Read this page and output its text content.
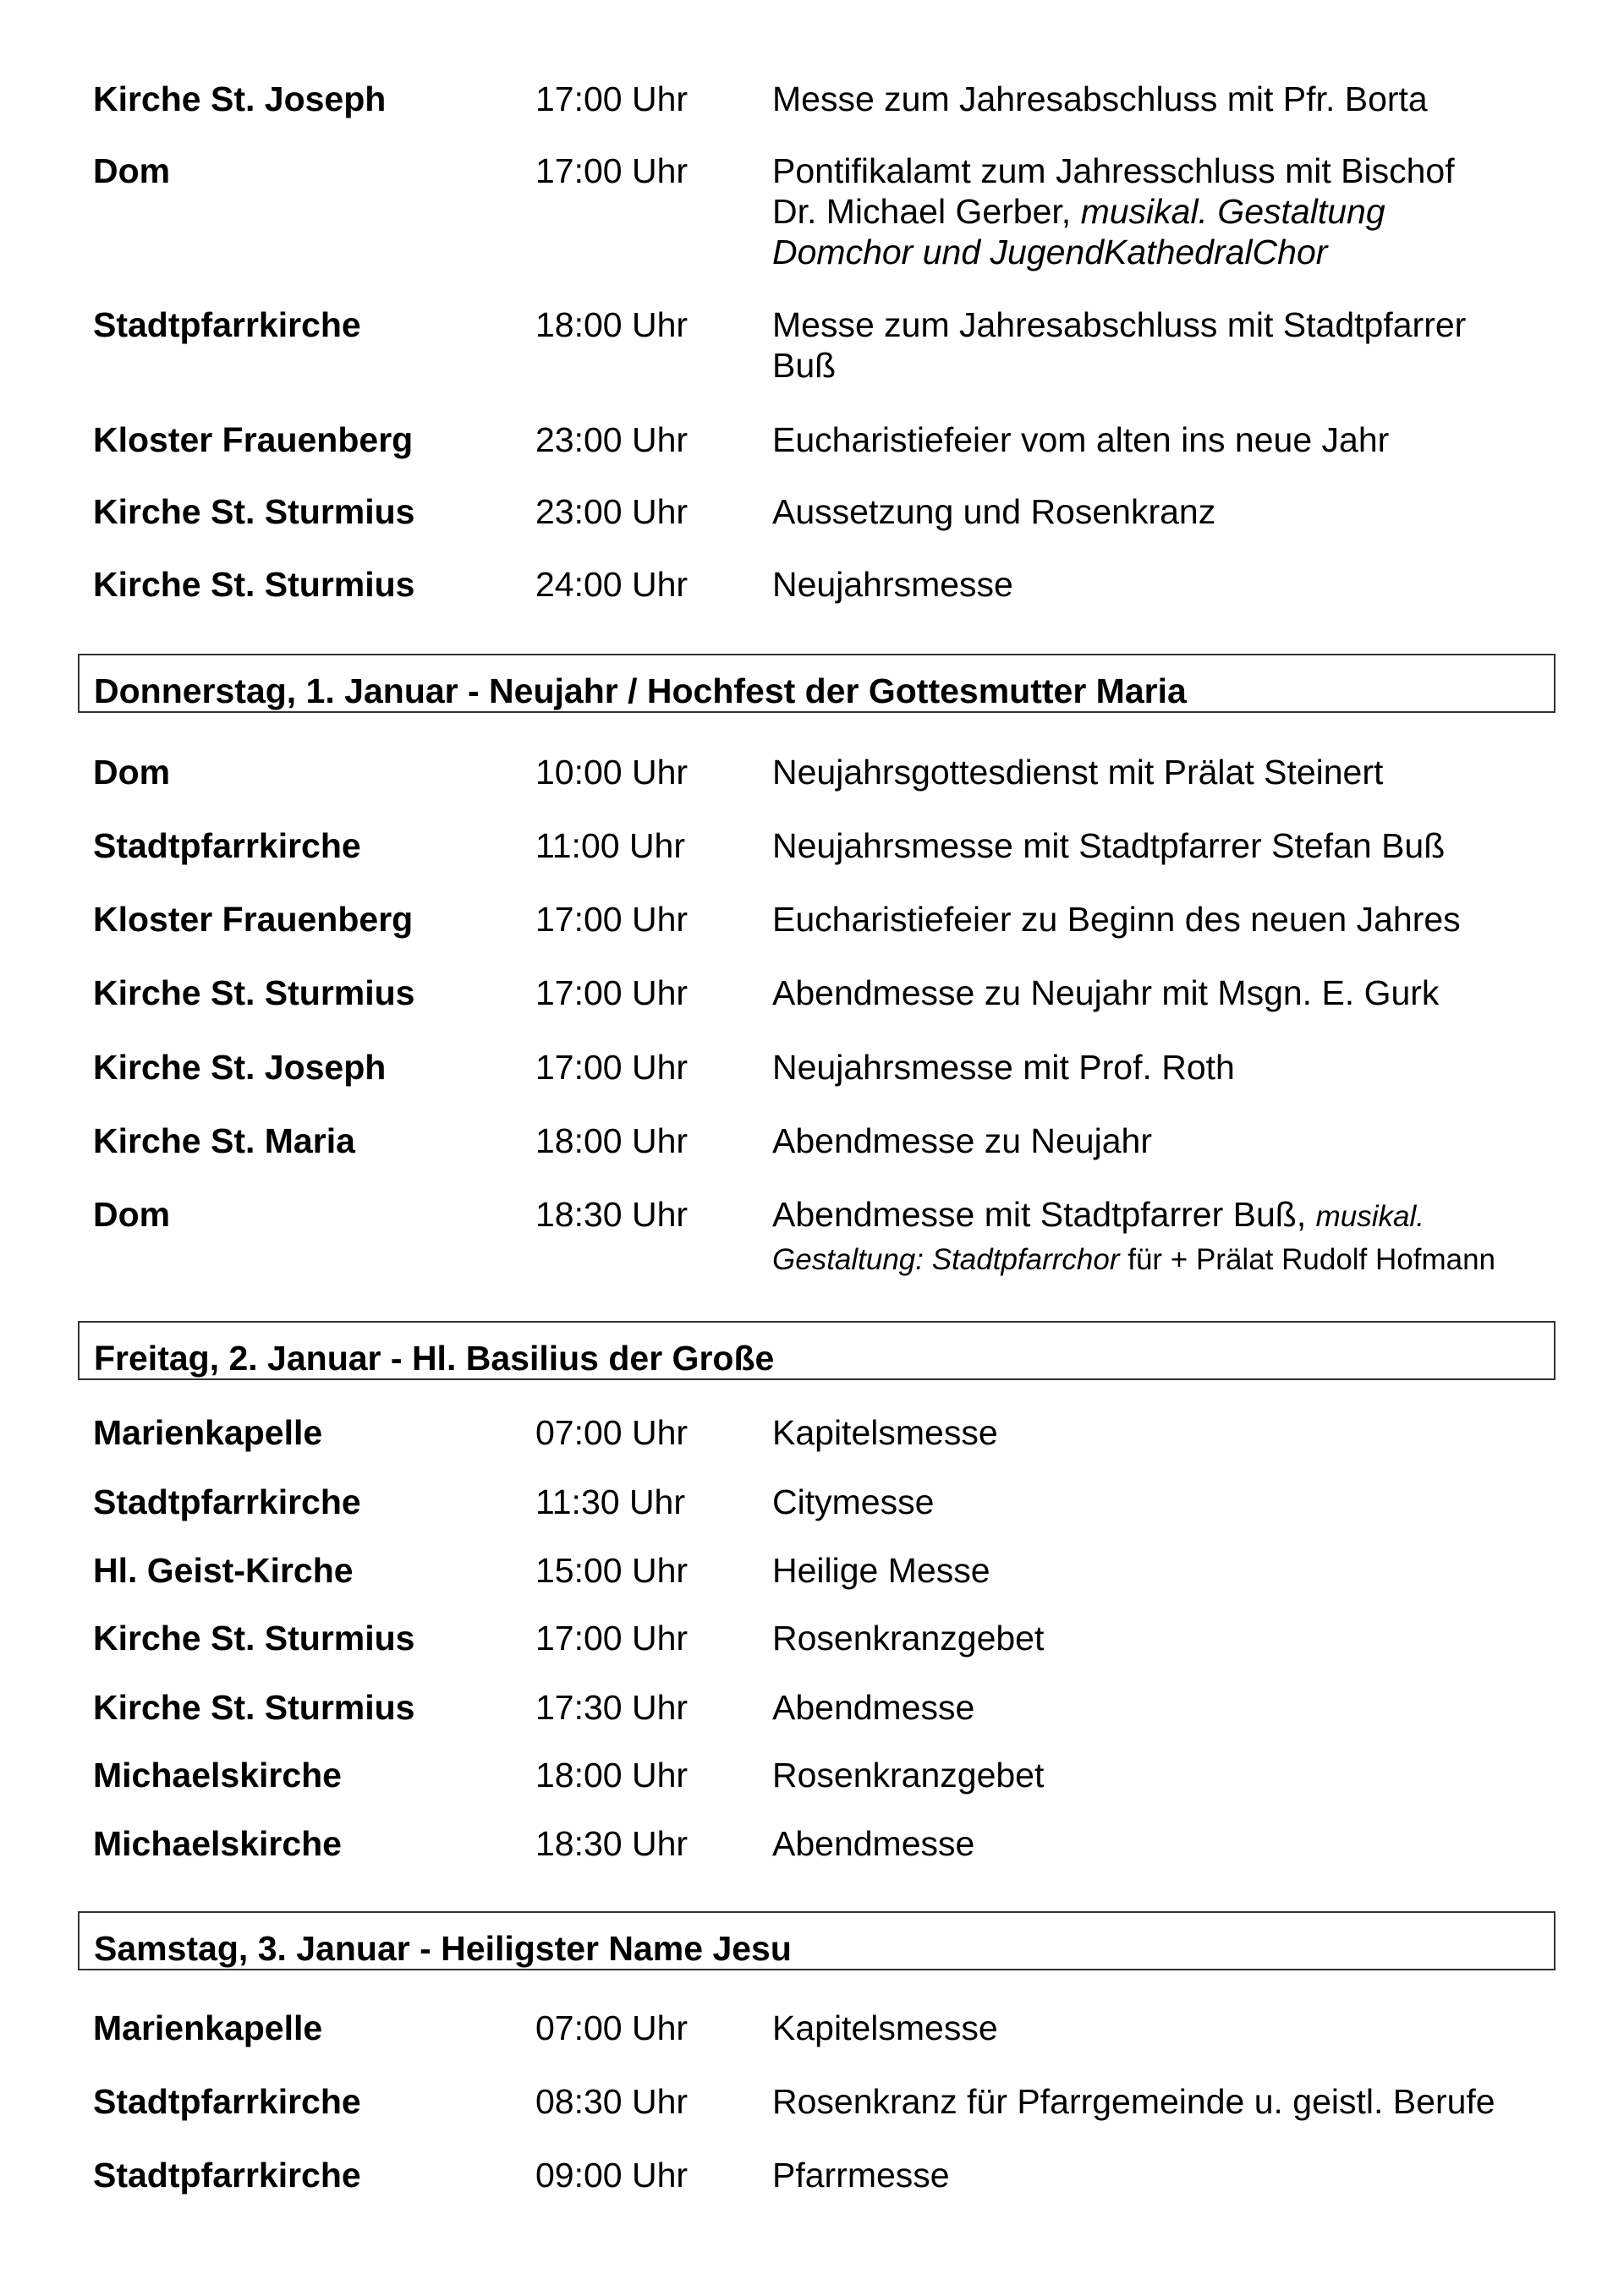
Kirche St. Joseph	17:00 Uhr Messe zum Jahresabschluss mit Pfr. Borta
Dom	17:00 Uhr Pontifikalamt zum Jahresschluss mit Bischof
Dr. Michael Gerber, musikal. Gestaltung
Domchor und JugendKathedralChor
Stadtpfarrkirche	18:00 Uhr Messe zum Jahresabschluss mit Stadtpfarrer
Buß
Kloster Frauenberg	23:00 Uhr Eucharistiefeier vom alten ins neue Jahr
Kirche St. Sturmius	23:00 Uhr Aussetzung und Rosenkranz
Kirche St. Sturmius	24:00 Uhr Neujahrsmesse
Donnerstag, 1. Januar - Neujahr / Hochfest der Gottesmutter Maria
Dom	10:00 Uhr Neujahrsgottesdienst mit Prälat Steinert
Stadtpfarrkirche	11:00 Uhr	Neujahrsmesse mit Stadtpfarrer Stefan Buß
Kloster Frauenberg	17:00 Uhr Eucharistiefeier zu Beginn des neuen Jahres
Kirche St. Sturmius	17:00 Uhr Abendmesse zu Neujahr mit Msgn. E. Gurk
Kirche St. Joseph	17:00 Uhr Neujahrsmesse mit Prof. Roth
Kirche St. Maria	18:00 Uhr Abendmesse zu Neujahr
Dom	18:30 Uhr Abendmesse mit Stadtpfarrer Buß, musikal.
Gestaltung: Stadtpfarrchor für + Prälat Rudolf Hofmann
Freitag, 2. Januar - Hl. Basilius der Große
Marienkapelle	07:00 Uhr Kapitelsmesse
Stadtpfarrkirche	11:30 Uhr	Citymesse
Hl. Geist-Kirche	15:00 Uhr Heilige Messe
Kirche St. Sturmius	17:00 Uhr Rosenkranzgebet
Kirche St. Sturmius	17:30 Uhr Abendmesse
Michaelskirche	18:00 Uhr Rosenkranzgebet
Michaelskirche	18:30 Uhr Abendmesse
Samstag, 3. Januar - Heiligster Name Jesu
Marienkapelle	07:00 Uhr Kapitelsmesse
Stadtpfarrkirche	08:30 Uhr Rosenkranz für Pfarrgemeinde u. geistl. Berufe
Stadtpfarrkirche	09:00 Uhr Pfarrmesse
